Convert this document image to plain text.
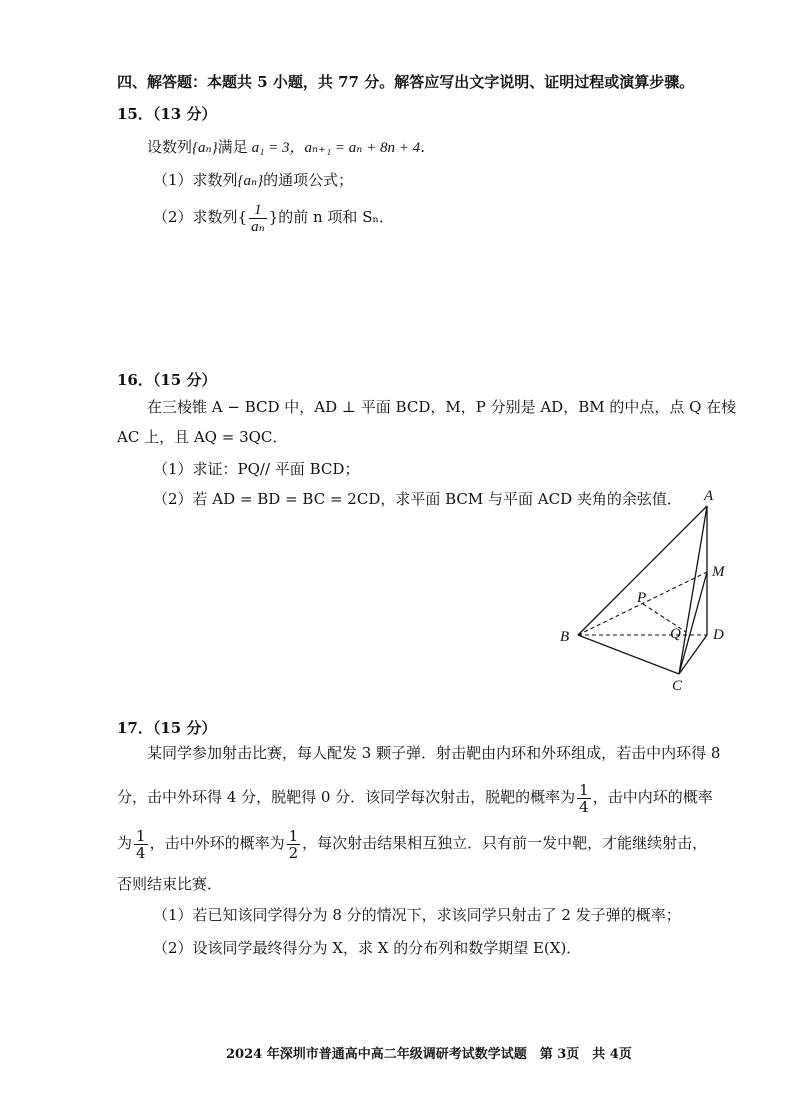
四、解答题：本题共 5 小题，共 77 分。解答应写出文字说明、证明过程或演算步骤。
15．（13 分）
设数列{aₙ}满足 a₁ = 3，aₙ₊₁ = aₙ + 8n + 4．
（1）求数列{aₙ}的通项公式；
（2）求数列{ $\frac{1}{\text{aₙ}}$ }的前 n 项和 Sₙ．
16．（15 分）
在三棱锥 A − BCD 中，AD ⊥ 平面 BCD，M，P 分别是 AD，BM 的中点，点 Q 在棱
AC 上，且 AQ = 3QC．
（1）求证：PQ// 平面 BCD；
（2）若 AD = BD = BC = 2CD，求平面 BCM 与平面 ACD 夹角的余弦值． A
B
C
D
M
P
Q
17．（15 分）
某同学参加射击比赛，每人配发 3 颗子弹．射击靶由内环和外环组成，若击中内环得 8
分，击中外环得 4 分，脱靶得 0 分．该同学每次射击，脱靶的概率为 $\frac{1}{4}$ ，击中内环的概率
为 $\frac{1}{4}$ ，击中外环的概率为 $\frac{1}{2}$ ，每次射击结果相互独立．只有前一发中靶，才能继续射击，
否则结束比赛．
（1）若已知该同学得分为 8 分的情况下，求该同学只射击了 2 发子弹的概率；
（2）设该同学最终得分为 X，求 X 的分布列和数学期望 E(X)．
2024 年深圳市普通高中高二年级调研考试数学试题　第 3页　共 4页
